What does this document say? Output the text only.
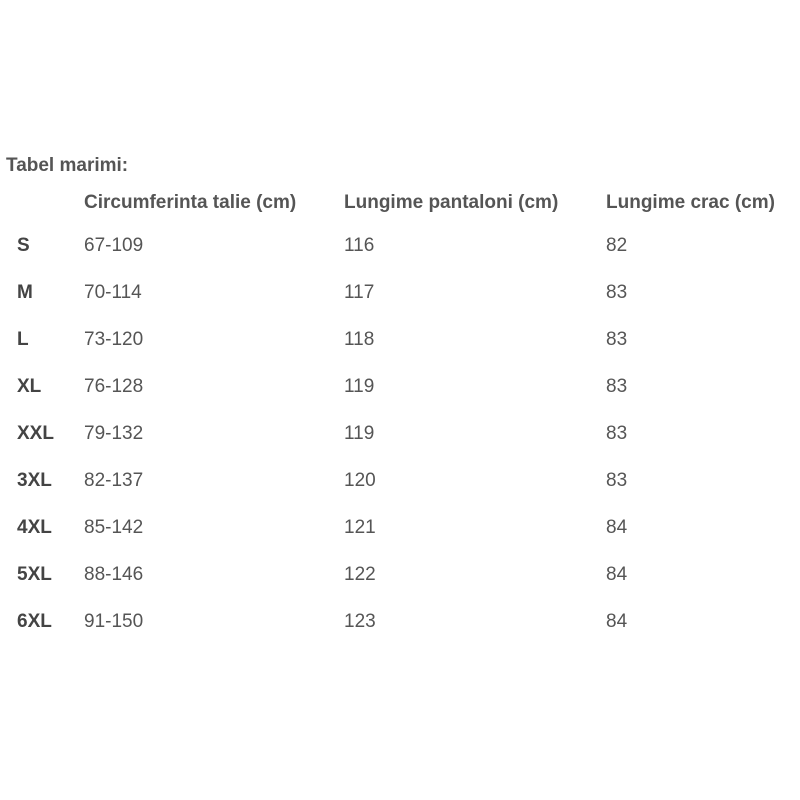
Tabel marimi:
	Circumferinta talie (cm)	Lungime pantaloni (cm)	Lungime crac (cm)
S	67-109	116	82
M	70-114	117	83
L	73-120	118	83
XL	76-128	119	83
XXL	79-132	119	83
3XL	82-137	120	83
4XL	85-142	121	84
5XL	88-146	122	84
6XL	91-150	123	84
